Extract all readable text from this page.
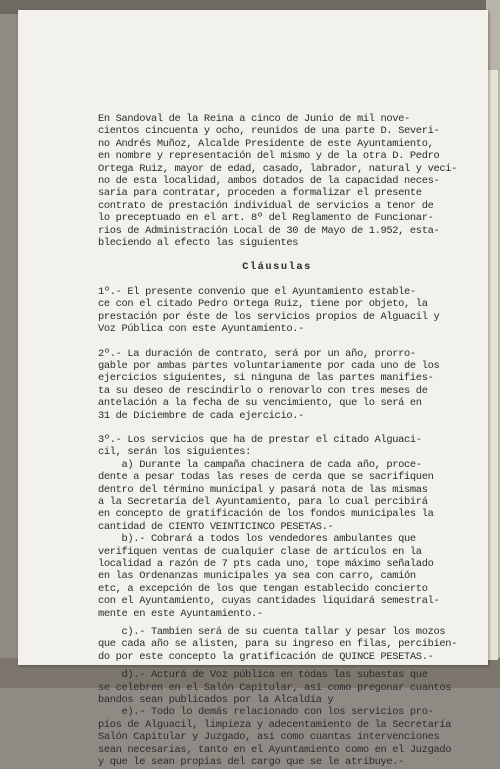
En Sandoval de la Reina a cinco de Junio de mil nove-
cientos cincuenta y ocho, reunidos de una parte D. Severi-
no Andrés Muñoz, Alcalde Presidente de este Ayuntamiento,
en nombre y representación del mismo y de la otra D. Pedro
Ortega Ruiz, mayor de edad, casado, labrador, natural y veci-
no de esta localidad, ambos dotados de la capacidad neces-
saria para contratar, proceden a formalizar el presente
contrato de prestación individual de servicios a tenor de
lo preceptuado en el art. 8º del Reglamento de Funcionar-
rios de Administración Local de 30 de Mayo de 1.952, esta-
bleciendo al efecto las siguientes
Cláusulas
1º.- El presente convenio que el Ayuntamiento estable-
ce con el citado Pedro Ortega Ruiz, tiene por objeto, la
prestación por éste de los servicios propios de Alguacil y
Voz Pública con este Ayuntamiento.-
2º.- La duración de contrato, será por un año, prorro-
gable por ambas partes voluntariamente por cada uno de los
ejercicios siguientes, si ninguna de las partes manifies-
ta su deseo de rescindirlo o renovarlo con tres meses de
antelación a la fecha de su vencimiento, que lo será en
31 de Diciembre de cada ejercicio.-
3º.- Los servicios que ha de prestar el citado Alguaci-
cil, serán los siguientes:
a) Durante la campaña chacinera de cada año, proce-
dente a pesar todas las reses de cerda que se sacrifiquen
dentro del término municipal y pasará nota de las mismas
a la Secretaría del Ayuntamiento, para lo cual percibirá
en concepto de gratificación de los fondos municipales la
cantidad de CIENTO VEINTICINCO PESETAS.-
b).- Cobrará a todos los vendedores ambulantes que
verifiquen ventas de cualquier clase de artículos en la
localidad a razón de 7 pts cada uno, tope máximo señalado
en las Ordenanzas municipales ya sea con carro, camión
etc, a excepción de los que tengan establecido concierto
con el Ayuntamiento, cuyas cantidades liquidará semestral-
mente en este Ayuntamiento.-
c).- Tambien será de su cuenta tallar y pesar los mozos
que cada año se alisten, para su ingreso en filas, percibien-
do por este concepto la gratificación de QUINCE PESETAS.-
d).- Acturá de Voz pública en todas las subastas que
se celebren en el Salón Capitular, así como pregonar cuantos
bandos sean publicados por la Alcaldía y
e).- Todo lo demás relacionado con los servicios pro-
pios de Alguacil, limpieza y adecentamiento de la Secretaría
Salón Capitular y Juzgado, así como cuantas intervenciones
sean necesarias, tanto en el Ayuntamiento como en el Juzgado
y que le sean propias del cargo que se le atribuye.-
